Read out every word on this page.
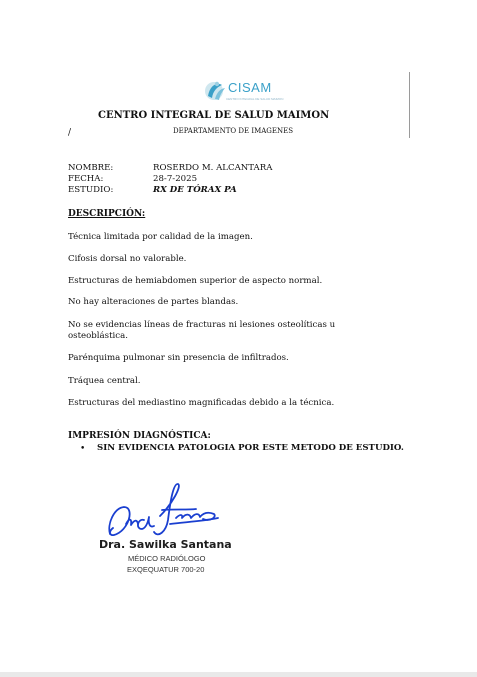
CISAM
CENTRO INTEGRAL DE SALUD MAIMON
CENTRO INTEGRAL DE SALUD MAIMON
/	DEPARTAMENTO DE IMAGENES
NOMBRE:	ROSERDO M. ALCANTARA
FECHA:	28-7-2025
ESTUDIO:	RX DE TÓRAX PA
DESCRIPCIÓN:
Técnica limitada por calidad de la imagen.
Cifosis dorsal no valorable.
Estructuras de hemiabdomen superior de aspecto normal.
No hay alteraciones de partes blandas.
No se evidencias líneas de fracturas ni lesiones osteolíticas u osteoblástica.
Parénquima pulmonar sin presencia de infiltrados.
Tráquea central.
Estructuras del mediastino magnificadas debido a la técnica.
IMPRESIÓN DIAGNÓSTICA:
• SIN EVIDENCIA PATOLOGIA POR ESTE METODO DE ESTUDIO.
Dra. Sawilka Santana
MÉDICO RADIÓLOGO
EXQEQUATUR 700-20
